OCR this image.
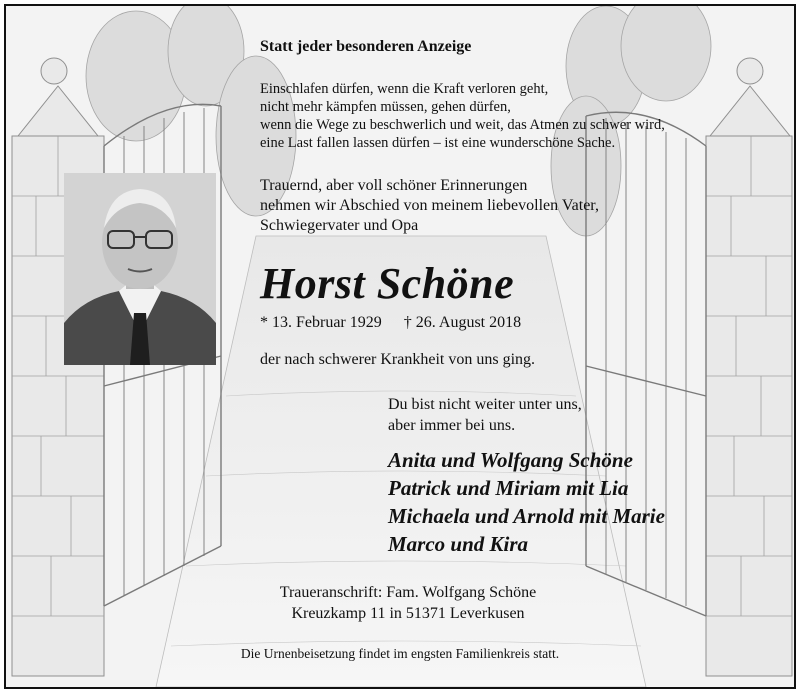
Statt jeder besonderen Anzeige
Einschlafen dürfen, wenn die Kraft verloren geht,
nicht mehr kämpfen müssen, gehen dürfen,
wenn die Wege zu beschwerlich und weit, das Atmen zu schwer wird,
eine Last fallen lassen dürfen – ist eine wunderschöne Sache.
Trauernd, aber voll schöner Erinnerungen
nehmen wir Abschied von meinem liebevollen Vater,
Schwiegervater und Opa
Horst Schöne
* 13. Februar 1929 † 26. August 2018
der nach schwerer Krankheit von uns ging.
Du bist nicht weiter unter uns,
aber immer bei uns.
Anita und Wolfgang Schöne
Patrick und Miriam mit Lia
Michaela und Arnold mit Marie
Marco und Kira
Traueranschrift: Fam. Wolfgang Schöne
Kreuzkamp 11 in 51371 Leverkusen
Die Urnenbeisetzung findet im engsten Familienkreis statt.
